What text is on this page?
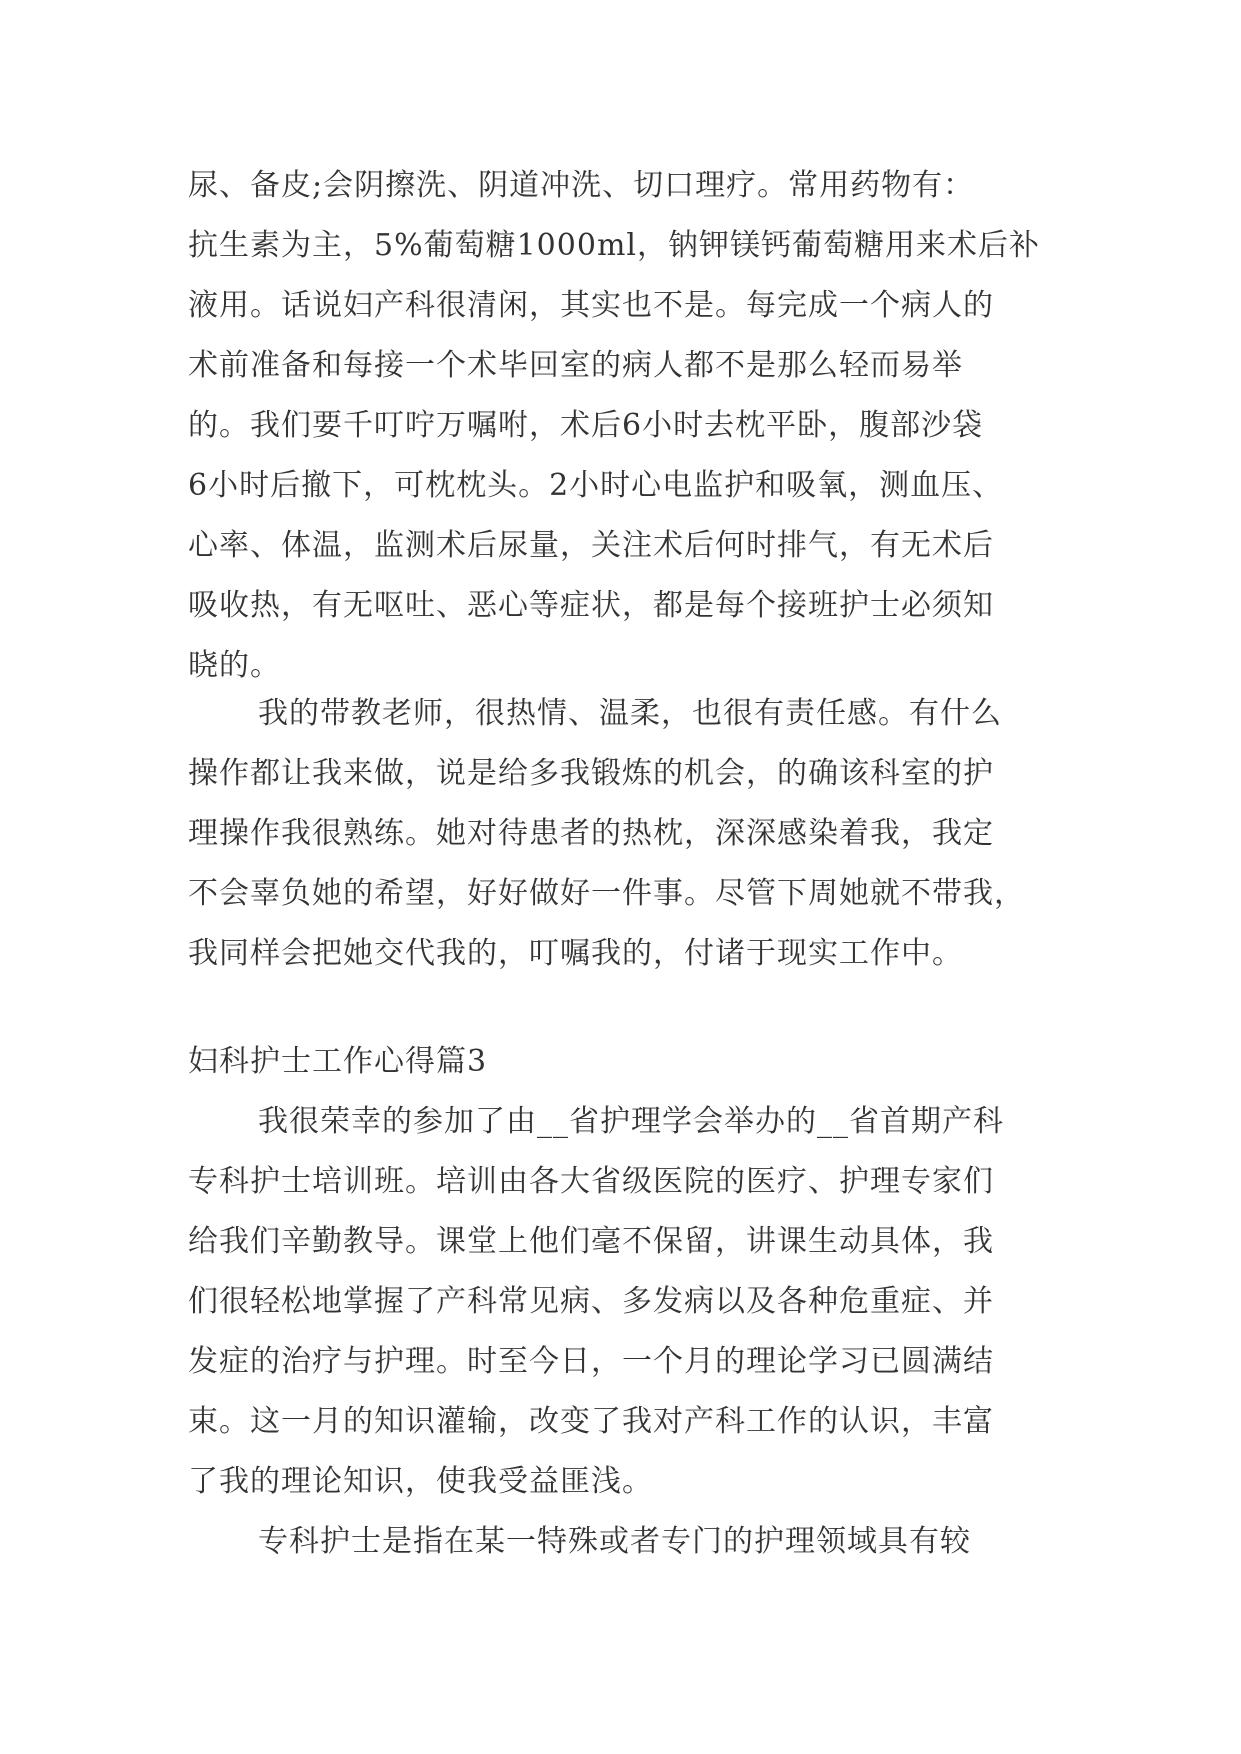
尿、备皮;会阴擦洗、阴道冲洗、切口理疗。常用药物有：
抗生素为主，5%葡萄糖1000ml，钠钾镁钙葡萄糖用来术后补
液用。话说妇产科很清闲，其实也不是。每完成一个病人的
术前准备和每接一个术毕回室的病人都不是那么轻而易举
的。我们要千叮咛万嘱咐，术后6小时去枕平卧，腹部沙袋
6小时后撤下，可枕枕头。2小时心电监护和吸氧，测血压、
心率、体温，监测术后尿量，关注术后何时排气，有无术后
吸收热，有无呕吐、恶心等症状，都是每个接班护士必须知
晓的。
我的带教老师，很热情、温柔，也很有责任感。有什么
操作都让我来做，说是给多我锻炼的机会，的确该科室的护
理操作我很熟练。她对待患者的热枕，深深感染着我，我定
不会辜负她的希望，好好做好一件事。尽管下周她就不带我，
我同样会把她交代我的，叮嘱我的，付诸于现实工作中。
妇科护士工作心得篇3
我很荣幸的参加了由__省护理学会举办的__省首期产科
专科护士培训班。培训由各大省级医院的医疗、护理专家们
给我们辛勤教导。课堂上他们毫不保留，讲课生动具体，我
们很轻松地掌握了产科常见病、多发病以及各种危重症、并
发症的治疗与护理。时至今日，一个月的理论学习已圆满结
束。这一月的知识灌输，改变了我对产科工作的认识，丰富
了我的理论知识，使我受益匪浅。
专科护士是指在某一特殊或者专门的护理领域具有较
